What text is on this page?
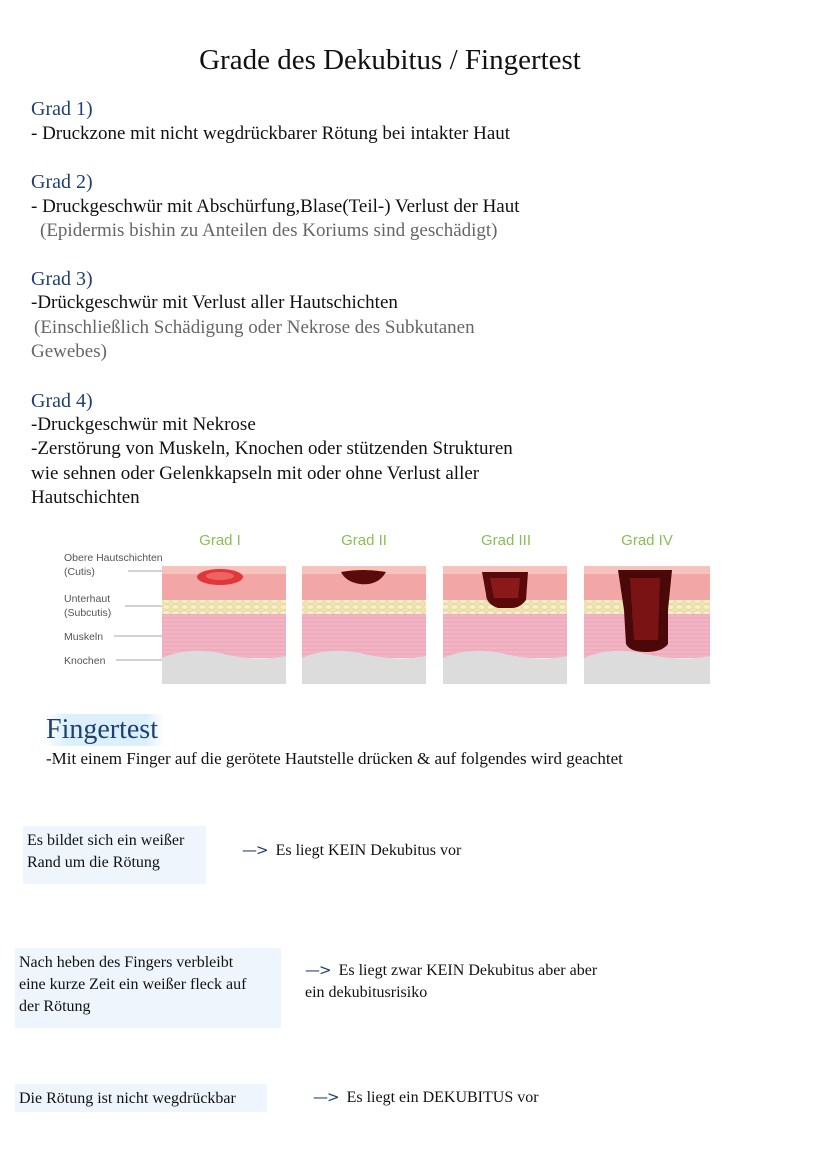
Grade des Dekubitus / Fingertest
Grad 1)
- Druckzone mit nicht wegdrückbarer Rötung bei intakter Haut
Grad 2)
- Druckgeschwür mit Abschürfung,Blase(Teil-) Verlust der Haut
(Epidermis bishin zu Anteilen des Koriums sind geschädigt)
Grad 3)
-Drückgeschwür mit Verlust aller Hautschichten
(Einschließlich Schädigung oder Nekrose des Subkutanen
Gewebes)
Grad 4)
-Druckgeschwür mit Nekrose
-Zerstörung von Muskeln, Knochen oder stützenden Strukturen
wie sehnen oder Gelenkkapseln mit oder ohne Verlust aller
Hautschichten
Grad I	Grad II	Grad III	Grad IV
Obere Hautschichten
(Cutis)
Unterhaut
(Subcutis)
Muskeln
Knochen
Fingertest
-Mit einem Finger auf die gerötete Hautstelle drücken & auf folgendes wird geachtet
Es bildet sich ein weißer
Rand um die Rötung
—> Es liegt KEIN Dekubitus vor
Nach heben des Fingers verbleibt
eine kurze Zeit ein weißer fleck auf
der Rötung
—> Es liegt zwar KEIN Dekubitus aber aber
ein dekubitusrisiko
Die Rötung ist nicht wegdrückbar	—> Es liegt ein DEKUBITUS vor
